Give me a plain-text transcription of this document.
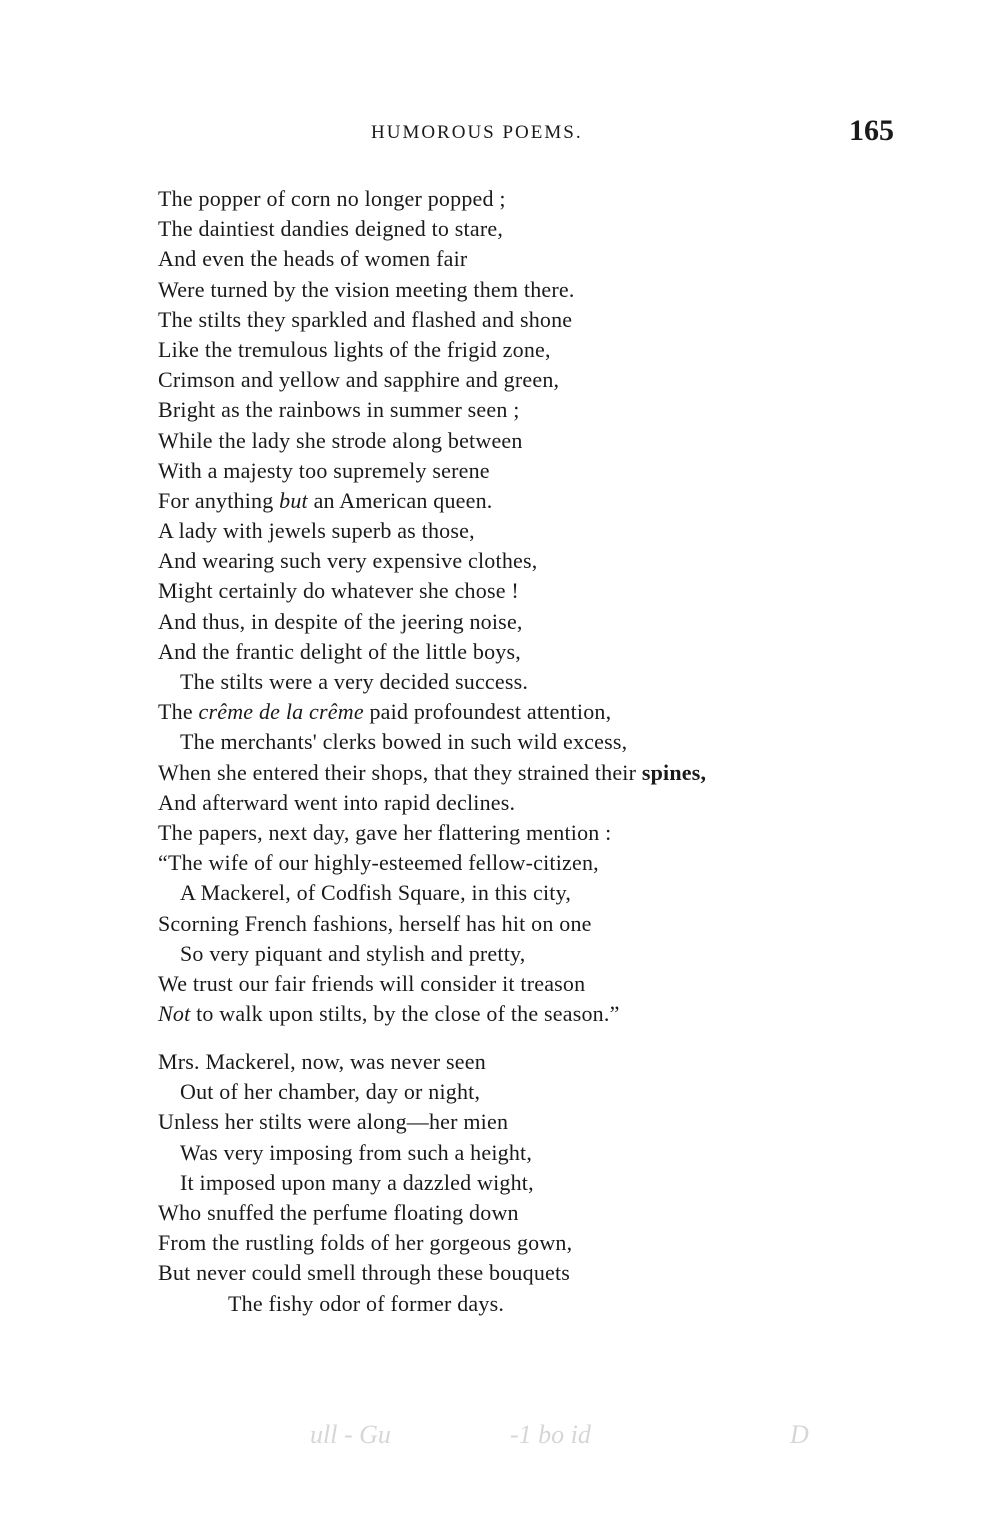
HUMOROUS POEMS.	165
The popper of corn no longer popped ;
The daintiest dandies deigned to stare,
And even the heads of women fair
Were turned by the vision meeting them there.
The stilts they sparkled and flashed and shone
Like the tremulous lights of the frigid zone,
Crimson and yellow and sapphire and green,
Bright as the rainbows in summer seen ;
While the lady she strode along between
With a majesty too supremely serene
For anything but an American queen.
A lady with jewels superb as those,
And wearing such very expensive clothes,
Might certainly do whatever she chose !
And thus, in despite of the jeering noise,
And the frantic delight of the little boys,
The stilts were a very decided success.
The crême de la crême paid profoundest attention,
The merchants' clerks bowed in such wild excess,
When she entered their shops, that they strained their spines,
And afterward went into rapid declines.
The papers, next day, gave her flattering mention :
“The wife of our highly-esteemed fellow-citizen,
A Mackerel, of Codfish Square, in this city,
Scorning French fashions, herself has hit on one
So very piquant and stylish and pretty,
We trust our fair friends will consider it treason
Not to walk upon stilts, by the close of the season.”
Mrs. Mackerel, now, was never seen
Out of her chamber, day or night,
Unless her stilts were along—her mien
Was very imposing from such a height,
It imposed upon many a dazzled wight,
Who snuffed the perfume floating down
From the rustling folds of her gorgeous gown,
But never could smell through these bouquets
The fishy odor of former days.
ull - Gu	-1 bo id	D
